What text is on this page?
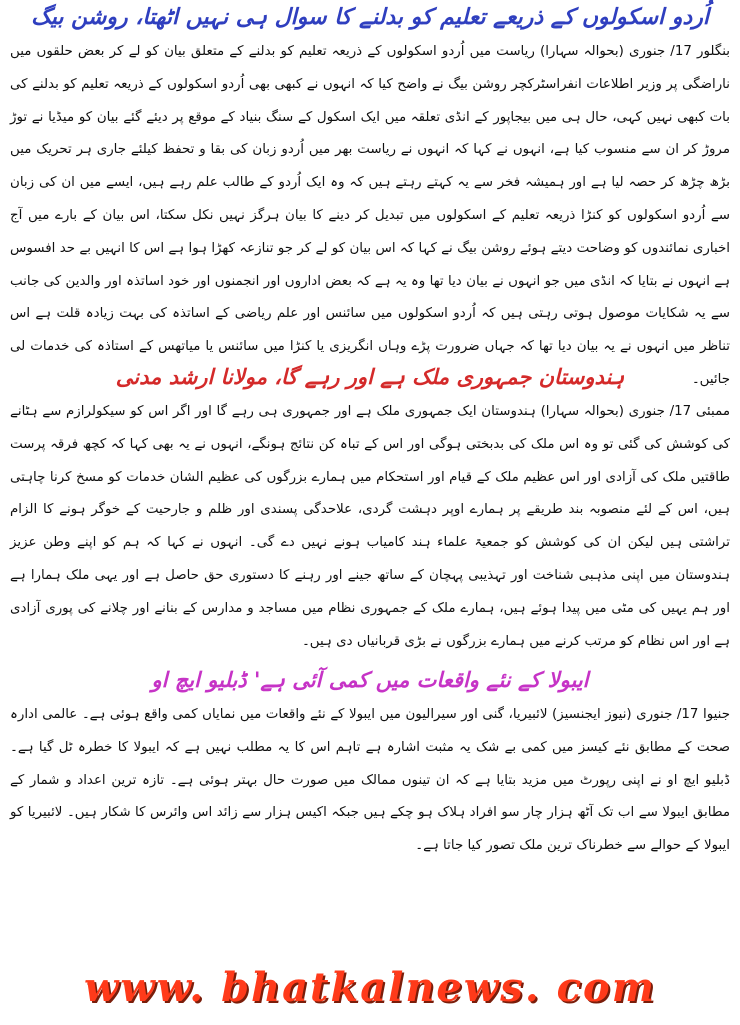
اُردو اسکولوں کے ذریعے تعلیم کو بدلنے کا سوال ہی نہیں اٹھتا، روشن بیگ

بنگلور 17/ جنوری (بحوالہ سہارا) ریاست میں اُردو اسکولوں کے ذریعہ تعلیم کو بدلنے کے متعلق بیان کو لے کر بعض حلقوں میں ناراضگی پر وزیر اطلاعات انفراسٹرکچر روشن بیگ نے واضح کیا کہ انہوں نے کبھی بھی اُردو اسکولوں کے ذریعہ تعلیم کو بدلنے کی بات کبھی نہیں کہی، حال ہی میں بیجاپور کے انڈی تعلقہ میں ایک اسکول کے سنگ بنیاد کے موقع پر دیئے گئے بیان کو میڈیا نے توڑ مروڑ کر ان سے منسوب کیا ہے، انہوں نے کہا کہ انہوں نے ریاست بھر میں اُردو زبان کی بقا و تحفظ کیلئے جاری ہر تحریک میں بڑھ چڑھ کر حصہ لیا ہے اور ہمیشہ فخر سے یہ کہتے رہتے ہیں کہ وہ ایک اُردو کے طالب علم رہے ہیں، ایسے میں ان کی زبان سے اُردو اسکولوں کو کنڑا ذریعہ تعلیم کے اسکولوں میں تبدیل کر دینے کا بیان ہرگز نہیں نکل سکتا، اس بیان کے بارے میں آج اخباری نمائندوں کو وضاحت دیتے ہوئے روشن بیگ نے کہا کہ اس بیان کو لے کر جو تنازعہ کھڑا ہوا ہے اس کا انہیں بے حد افسوس ہے انہوں نے بتایا کہ انڈی میں جو انہوں نے بیان دیا تھا وہ یہ ہے کہ بعض اداروں اور انجمنوں اور خود اساتذہ اور والدین کی جانب سے یہ شکایات موصول ہوتی رہتی ہیں کہ اُردو اسکولوں میں سائنس اور علم ریاضی کے اساتذہ کی بہت زیادہ قلت ہے اس تناظر میں انہوں نے یہ بیان دیا تھا کہ جہاں ضرورت پڑے وہاں انگریزی یا کنڑا میں سائنس یا میاتھس کے استاذہ کی خدمات لی جائیں۔

ہندوستان جمہوری ملک ہے اور رہے گا، مولانا ارشد مدنی

ممبئی 17/ جنوری (بحوالہ سہارا) ہندوستان ایک جمہوری ملک ہے اور جمہوری ہی رہے گا اور اگر اس کو سیکولرازم سے ہٹانے کی کوشش کی گئی تو وہ اس ملک کی بدبختی ہوگی اور اس کے تباہ کن نتائج ہونگے، انہوں نے یہ بھی کہا کہ کچھ فرقہ پرست طاقتیں ملک کی آزادی اور اس عظیم ملک کے قیام اور استحکام میں ہمارے بزرگوں کی عظیم الشان خدمات کو مسخ کرنا چاہتی ہیں، اس کے لئے منصوبہ بند طریقے پر ہمارے اوپر دہشت گردی، علاحدگی پسندی اور ظلم و جارحیت کے خوگر ہونے کا الزام تراشتی ہیں لیکن ان کی کوشش کو جمعیۃ علماء ہند کامیاب ہونے نہیں دے گی۔ انہوں نے کہا کہ ہم کو اپنے وطن عزیز ہندوستان میں اپنی مذہبی شناخت اور تہذیبی پہچان کے ساتھ جینے اور رہنے کا دستوری حق حاصل ہے اور یہی ملک ہمارا ہے اور ہم یہیں کی مٹی میں پیدا ہوئے ہیں، ہمارے ملک کے جمہوری نظام میں مساجد و مدارس کے بنانے اور چلانے کی پوری آزادی ہے اور اس نظام کو مرتب کرنے میں ہمارے بزرگوں نے بڑی قربانیاں دی ہیں۔

ایبولا کے نئے واقعات میں کمی آئی ہے' ڈبلیو ایچ او

جنیوا 17/ جنوری (نیوز ایجنسیز) لائبیریا، گنی اور سیرالیون میں ایبولا کے نئے واقعات میں نمایاں کمی واقع ہوئی ہے۔ عالمی ادارہ صحت کے مطابق نئے کیسز میں کمی بے شک یہ مثبت اشارہ ہے تاہم اس کا یہ مطلب نہیں ہے کہ ایبولا کا خطرہ ٹل گیا ہے۔ ڈبلیو ایچ او نے اپنی رپورٹ میں مزید بتایا ہے کہ ان تینوں ممالک میں صورت حال بہتر ہوئی ہے۔ تازہ ترین اعداد و شمار کے مطابق ایبولا سے اب تک آٹھ ہزار چار سو افراد ہلاک ہو چکے ہیں جبکہ اکیس ہزار سے زائد اس وائرس کا شکار ہیں۔ لائبیریا کو ایبولا کے حوالے سے خطرناک ترین ملک تصور کیا جاتا ہے۔

www. bhatkalnews. com
